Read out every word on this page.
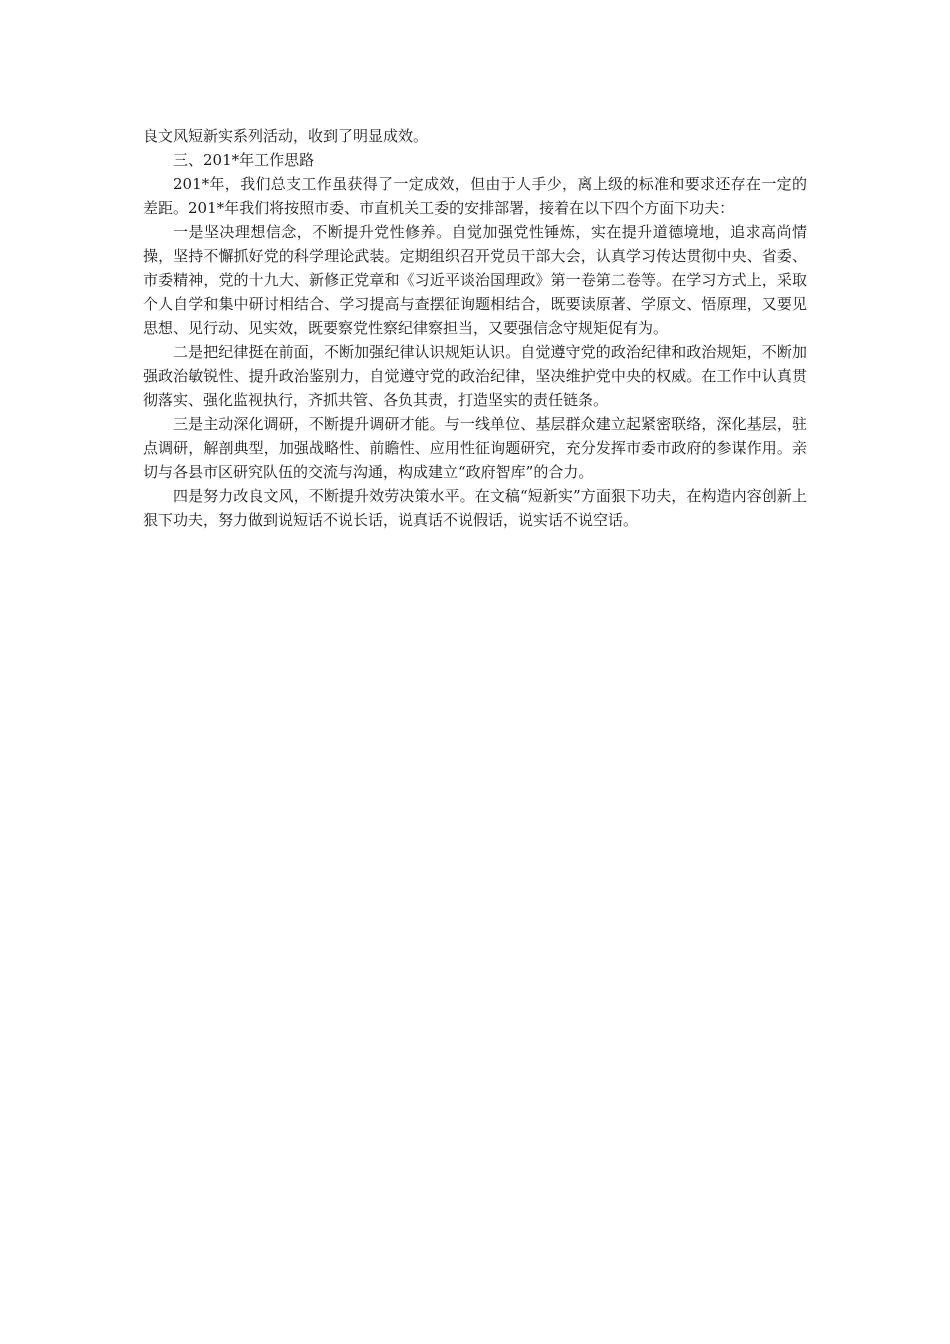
良文风短新实系列活动，收到了明显成效。

三、201*年工作思路

201*年，我们总支工作虽获得了一定成效，但由于人手少，离上级的标准和要求还存在一定的差距。201*年我们将按照市委、市直机关工委的安排部署，接着在以下四个方面下功夫：

一是坚决理想信念，不断提升党性修养。自觉加强党性锤炼，实在提升道德境地，追求高尚情操，坚持不懈抓好党的科学理论武装。定期组织召开党员干部大会，认真学习传达贯彻中央、省委、市委精神，党的十九大、新修正党章和《习近平谈治国理政》第一卷第二卷等。在学习方式上，采取个人自学和集中研讨相结合、学习提高与查摆征询题相结合，既要读原著、学原文、悟原理，又要见思想、见行动、见实效，既要察党性察纪律察担当，又要强信念守规矩促有为。

二是把纪律挺在前面，不断加强纪律认识规矩认识。自觉遵守党的政治纪律和政治规矩，不断加强政治敏锐性、提升政治鉴别力，自觉遵守党的政治纪律，坚决维护党中央的权威。在工作中认真贯彻落实、强化监视执行，齐抓共管、各负其责，打造坚实的责任链条。

三是主动深化调研，不断提升调研才能。与一线单位、基层群众建立起紧密联络，深化基层，驻点调研，解剖典型，加强战略性、前瞻性、应用性征询题研究，充分发挥市委市政府的参谋作用。亲切与各县市区研究队伍的交流与沟通，构成建立“政府智库”的合力。

四是努力改良文风，不断提升效劳决策水平。在文稿“短新实”方面狠下功夫，在构造内容创新上狠下功夫，努力做到说短话不说长话，说真话不说假话，说实话不说空话。
